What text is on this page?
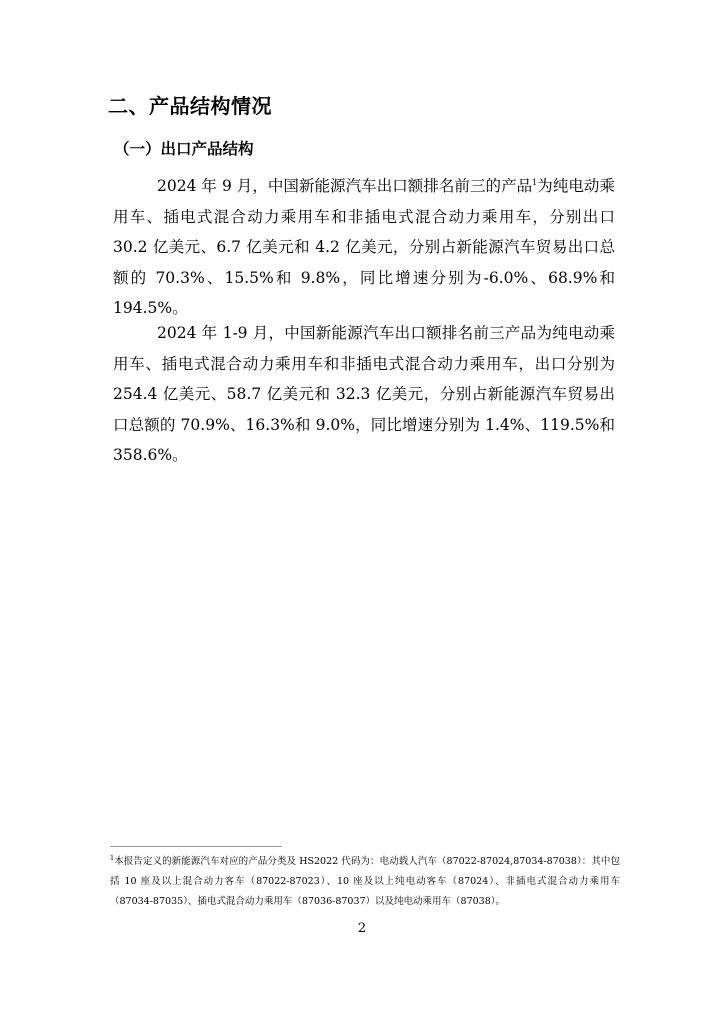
二、产品结构情况
（一）出口产品结构

2024 年 9 月，中国新能源汽车出口额排名前三的产品$^1$为纯电动乘用车、插电式混合动力乘用车和非插电式混合动力乘用车，分别出口 30.2 亿美元、6.7 亿美元和 4.2 亿美元，分别占新能源汽车贸易出口总额的 70.3%、15.5%和 9.8%，同比增速分别为-6.0%、68.9%和 194.5%。

2024 年 1-9 月，中国新能源汽车出口额排名前三产品为纯电动乘用车、插电式混合动力乘用车和非插电式混合动力乘用车，出口分别为 254.4 亿美元、58.7 亿美元和 32.3 亿美元，分别占新能源汽车贸易出口总额的 70.9%、16.3%和 9.0%，同比增速分别为 1.4%、119.5%和 358.6%。

$^1$本报告定义的新能源汽车对应的产品分类及 HS2022 代码为：电动载人汽车（87022-87024,87034-87038）：其中包括 10 座及以上混合动力客车（87022-87023）、10 座及以上纯电动客车（87024）、非插电式混合动力乘用车（87034-87035）、插电式混合动力乘用车（87036-87037）以及纯电动乘用车（87038）。

2
